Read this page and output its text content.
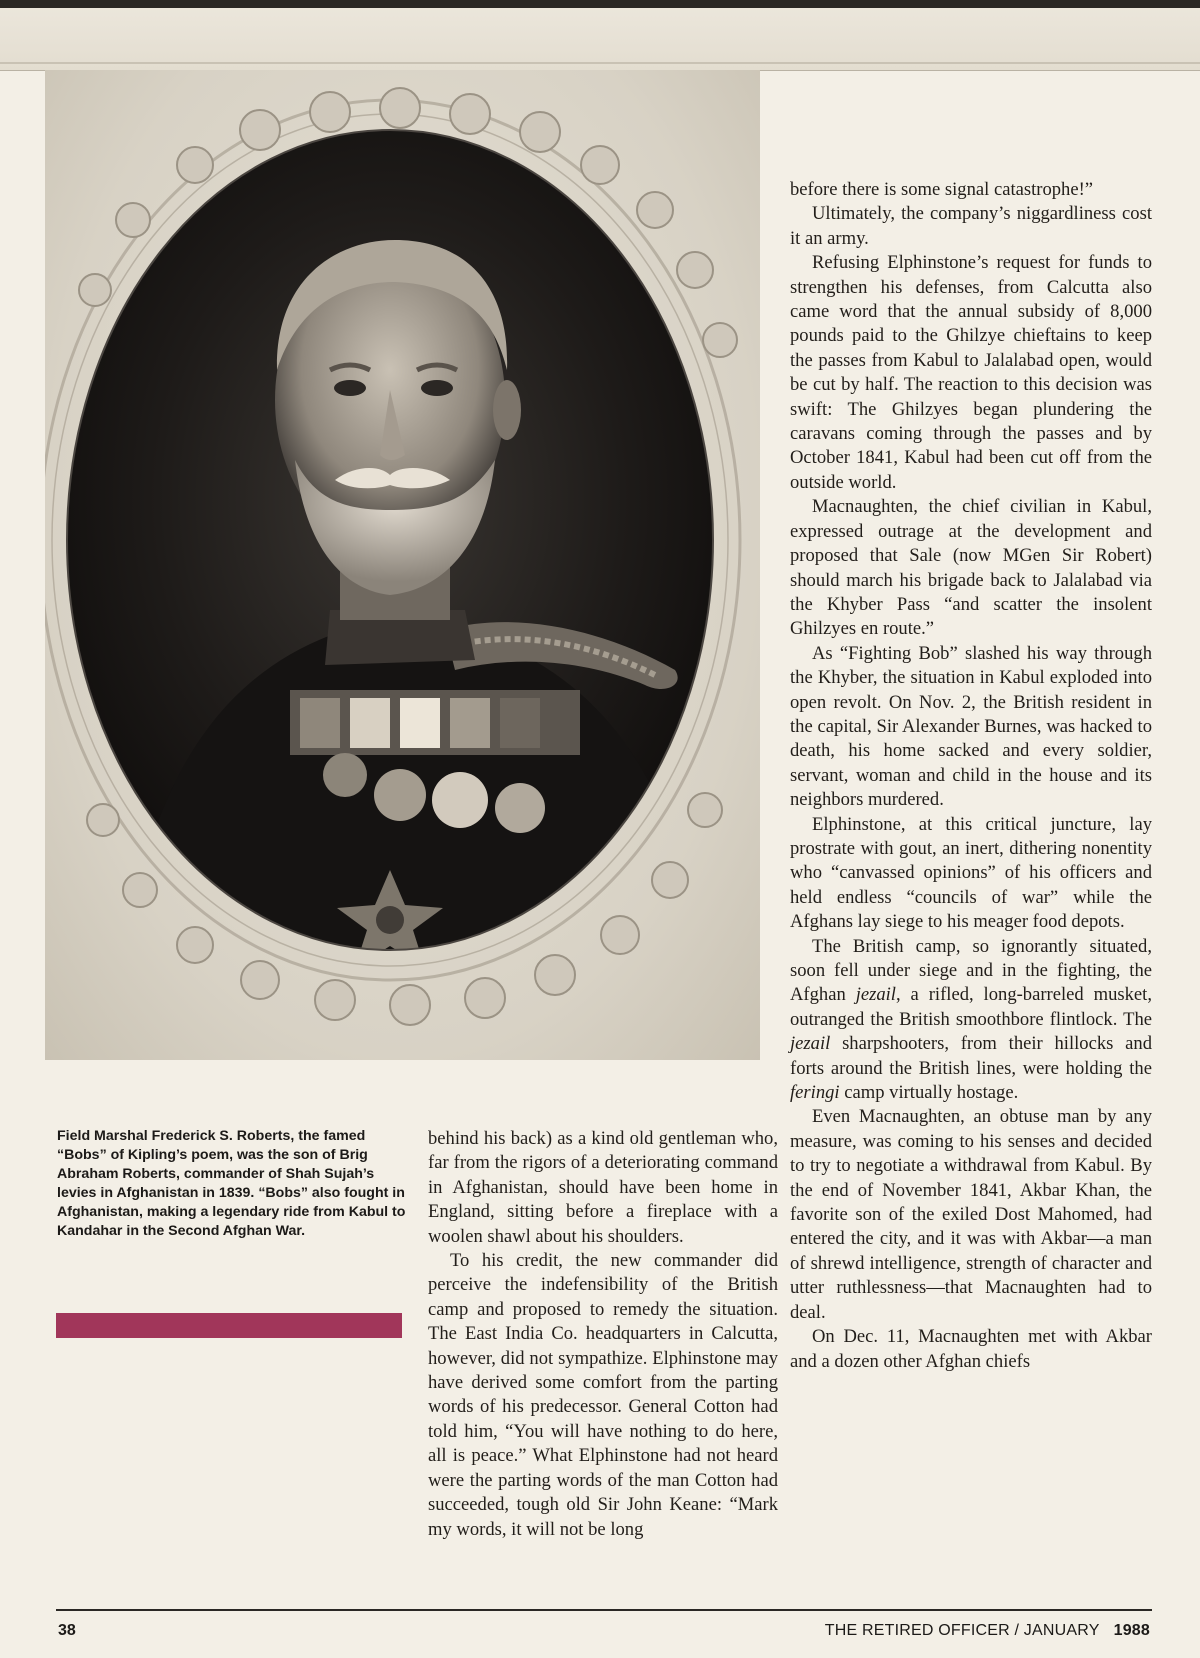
Field Marshal Frederick S. Roberts, the famed “Bobs” of Kipling’s poem, was the son of Brig Abraham Roberts, commander of Shah Sujah’s levies in Afghanistan in 1839. “Bobs” also fought in Afghanistan, making a legendary ride from Kabul to Kandahar in the Second Afghan War.

behind his back) as a kind old gentleman who, far from the rigors of a deteriorating command in Afghanistan, should have been home in England, sitting before a fireplace with a woolen shawl about his shoulders.

To his credit, the new commander did perceive the indefensibility of the British camp and proposed to remedy the situation. The East India Co. headquarters in Calcutta, however, did not sympathize. Elphinstone may have derived some comfort from the parting words of his predecessor. General Cotton had told him, “You will have nothing to do here, all is peace.” What Elphinstone had not heard were the parting words of the man Cotton had succeeded, tough old Sir John Keane: “Mark my words, it will not be long

before there is some signal catastrophe!”

Ultimately, the company’s niggardliness cost it an army.

Refusing Elphinstone’s request for funds to strengthen his defenses, from Calcutta also came word that the annual subsidy of 8,000 pounds paid to the Ghilzye chieftains to keep the passes from Kabul to Jalalabad open, would be cut by half. The reaction to this decision was swift: The Ghilzyes began plundering the caravans coming through the passes and by October 1841, Kabul had been cut off from the outside world.

Macnaughten, the chief civilian in Kabul, expressed outrage at the development and proposed that Sale (now MGen Sir Robert) should march his brigade back to Jalalabad via the Khyber Pass “and scatter the insolent Ghilzyes en route.”

As “Fighting Bob” slashed his way through the Khyber, the situation in Kabul exploded into open revolt. On Nov. 2, the British resident in the capital, Sir Alexander Burnes, was hacked to death, his home sacked and every soldier, servant, woman and child in the house and its neighbors murdered.

Elphinstone, at this critical juncture, lay prostrate with gout, an inert, dithering nonentity who “canvassed opinions” of his officers and held endless “councils of war” while the Afghans lay siege to his meager food depots.

The British camp, so ignorantly situated, soon fell under siege and in the fighting, the Afghan jezail, a rifled, long-barreled musket, outranged the British smoothbore flintlock. The jezail sharpshooters, from their hillocks and forts around the British lines, were holding the feringi camp virtually hostage.

Even Macnaughten, an obtuse man by any measure, was coming to his senses and decided to try to negotiate a withdrawal from Kabul. By the end of November 1841, Akbar Khan, the favorite son of the exiled Dost Mahomed, had entered the city, and it was with Akbar—a man of shrewd intelligence, strength of character and utter ruthlessness—that Macnaughten had to deal.

On Dec. 11, Macnaughten met with Akbar and a dozen other Afghan chiefs

38	THE RETIRED OFFICER / JANUARY 1988
